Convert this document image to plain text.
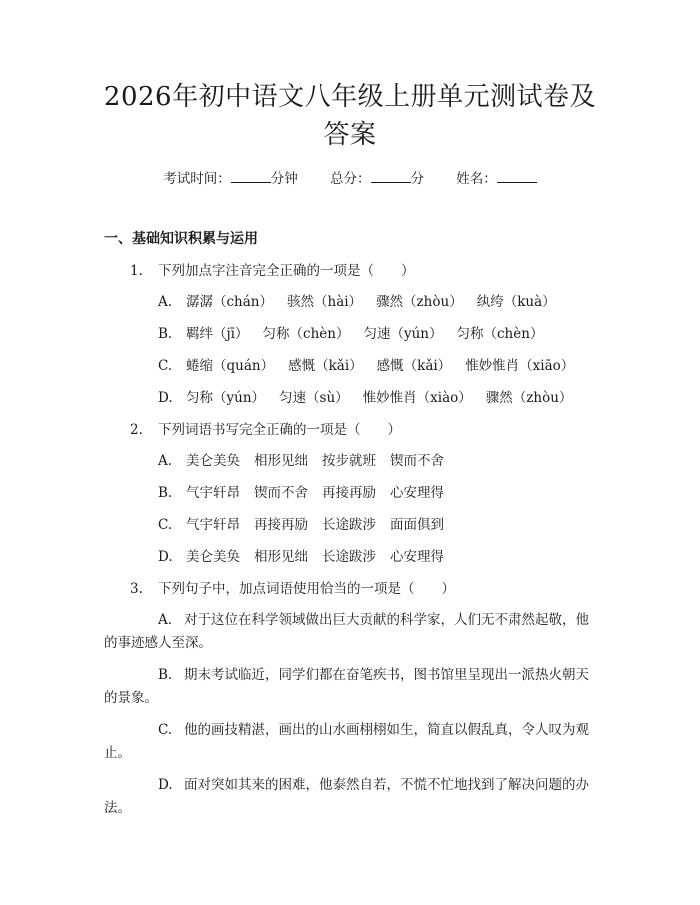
2026年初中语文八年级上册单元测试卷及答案
考试时间：	分钟 总分：	分 姓名：
一、基础知识积累与运用
1. 下列加点字注音完全正确的一项是（　　）
A. 潺潺（chán） 骇然（hài） 骤然（zhòu） 纨绔（kuà）
B. 羁绊（jī） 匀称（chèn） 匀速（yún） 匀称（chèn）
C. 蜷缩（quán） 感慨（kǎi） 感慨（kǎi） 惟妙惟肖（xiāo）
D. 匀称（yún） 匀速（sù） 惟妙惟肖（xiào） 骤然（zhòu）
2. 下列词语书写完全正确的一项是（　　）
A. 美仑美奂 相形见绌 按步就班 锲而不舍
B. 气宇轩昂 锲而不舍 再接再励 心安理得
C. 气宇轩昂 再接再励 长途跋涉 面面俱到
D. 美仑美奂 相形见绌 长途跋涉 心安理得
3. 下列句子中，加点词语使用恰当的一项是（　　）
A. 对于这位在科学领域做出巨大贡献的科学家，人们无不肃然起敬，他的事迹感人至深。
B. 期末考试临近，同学们都在奋笔疾书，图书馆里呈现出一派热火朝天的景象。
C. 他的画技精湛，画出的山水画栩栩如生，简直以假乱真，令人叹为观止。
D. 面对突如其来的困难，他泰然自若，不慌不忙地找到了解决问题的办法。
